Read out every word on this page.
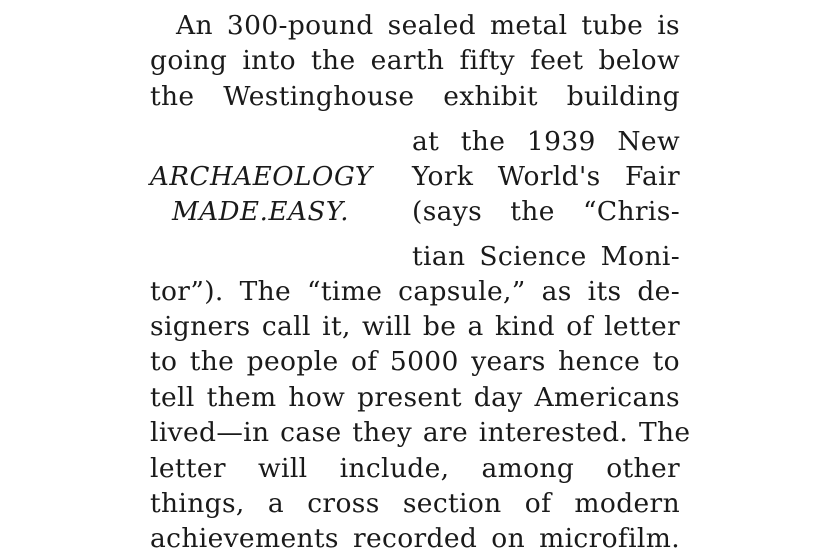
An 300-pound sealed metal tube is
going into the earth fifty feet below
the Westinghouse exhibit building
at the 1939 New
York World's Fair
(says the “Chris-
ARCHAEOLOGY
MADE.EASY.
tian Science Moni-
tor”). The “time capsule,” as its de-
signers call it, will be a kind of letter
to the people of 5000 years hence to
tell them how present day Americans
lived—in case they are interested. The
letter will include, among other
things, a cross section of modern
achievements recorded on microfilm.
